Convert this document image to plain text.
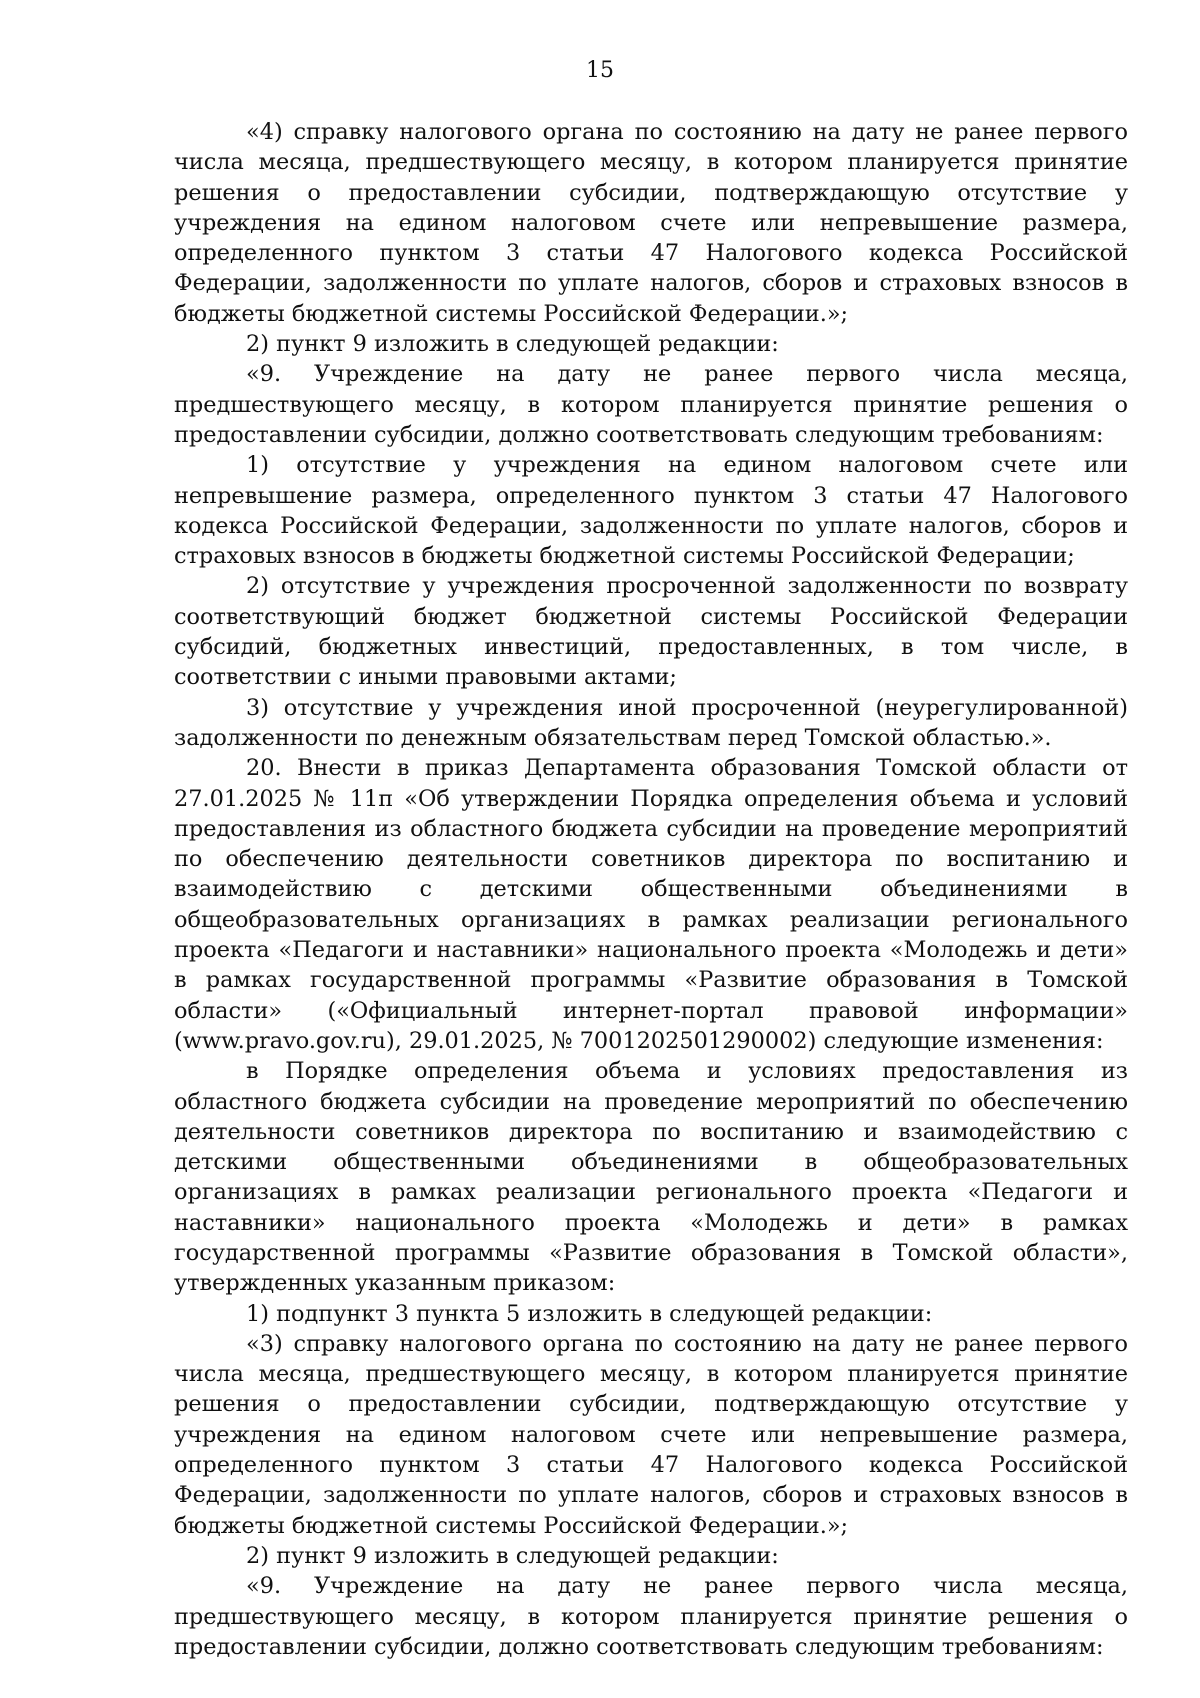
15

«4) справку налогового органа по состоянию на дату не ранее первого числа месяца, предшествующего месяцу, в котором планируется принятие решения о предоставлении субсидии, подтверждающую отсутствие у учреждения на едином налоговом счете или непревышение размера, определенного пунктом 3 статьи 47 Налогового кодекса Российской Федерации, задолженности по уплате налогов, сборов и страховых взносов в бюджеты бюджетной системы Российской Федерации.»;

2) пункт 9 изложить в следующей редакции:

«9. Учреждение на дату не ранее первого числа месяца, предшествующего месяцу, в котором планируется принятие решения о предоставлении субсидии, должно соответствовать следующим требованиям:

1) отсутствие у учреждения на едином налоговом счете или непревышение размера, определенного пунктом 3 статьи 47 Налогового кодекса Российской Федерации, задолженности по уплате налогов, сборов и страховых взносов в бюджеты бюджетной системы Российской Федерации;

2) отсутствие у учреждения просроченной задолженности по возврату соответствующий бюджет бюджетной системы Российской Федерации субсидий, бюджетных инвестиций, предоставленных, в том числе, в соответствии с иными правовыми актами;

3) отсутствие у учреждения иной просроченной (неурегулированной) задолженности по денежным обязательствам перед Томской областью.».

20. Внести в приказ Департамента образования Томской области от 27.01.2025 № 11п «Об утверждении Порядка определения объема и условий предоставления из областного бюджета субсидии на проведение мероприятий по обеспечению деятельности советников директора по воспитанию и взаимодействию с детскими общественными объединениями в общеобразовательных организациях в рамках реализации регионального проекта «Педагоги и наставники» национального проекта «Молодежь и дети» в рамках государственной программы «Развитие образования в Томской области» («Официальный интернет-портал правовой информации» (www.pravo.gov.ru), 29.01.2025, № 7001202501290002) следующие изменения:

в Порядке определения объема и условиях предоставления из областного бюджета субсидии на проведение мероприятий по обеспечению деятельности советников директора по воспитанию и взаимодействию с детскими общественными объединениями в общеобразовательных организациях в рамках реализации регионального проекта «Педагоги и наставники» национального проекта «Молодежь и дети» в рамках государственной программы «Развитие образования в Томской области», утвержденных указанным приказом:

1) подпункт 3 пункта 5 изложить в следующей редакции:

«3) справку налогового органа по состоянию на дату не ранее первого числа месяца, предшествующего месяцу, в котором планируется принятие решения о предоставлении субсидии, подтверждающую отсутствие у учреждения на едином налоговом счете или непревышение размера, определенного пунктом 3 статьи 47 Налогового кодекса Российской Федерации, задолженности по уплате налогов, сборов и страховых взносов в бюджеты бюджетной системы Российской Федерации.»;

2) пункт 9 изложить в следующей редакции:

«9. Учреждение на дату не ранее первого числа месяца, предшествующего месяцу, в котором планируется принятие решения о предоставлении субсидии, должно соответствовать следующим требованиям:
